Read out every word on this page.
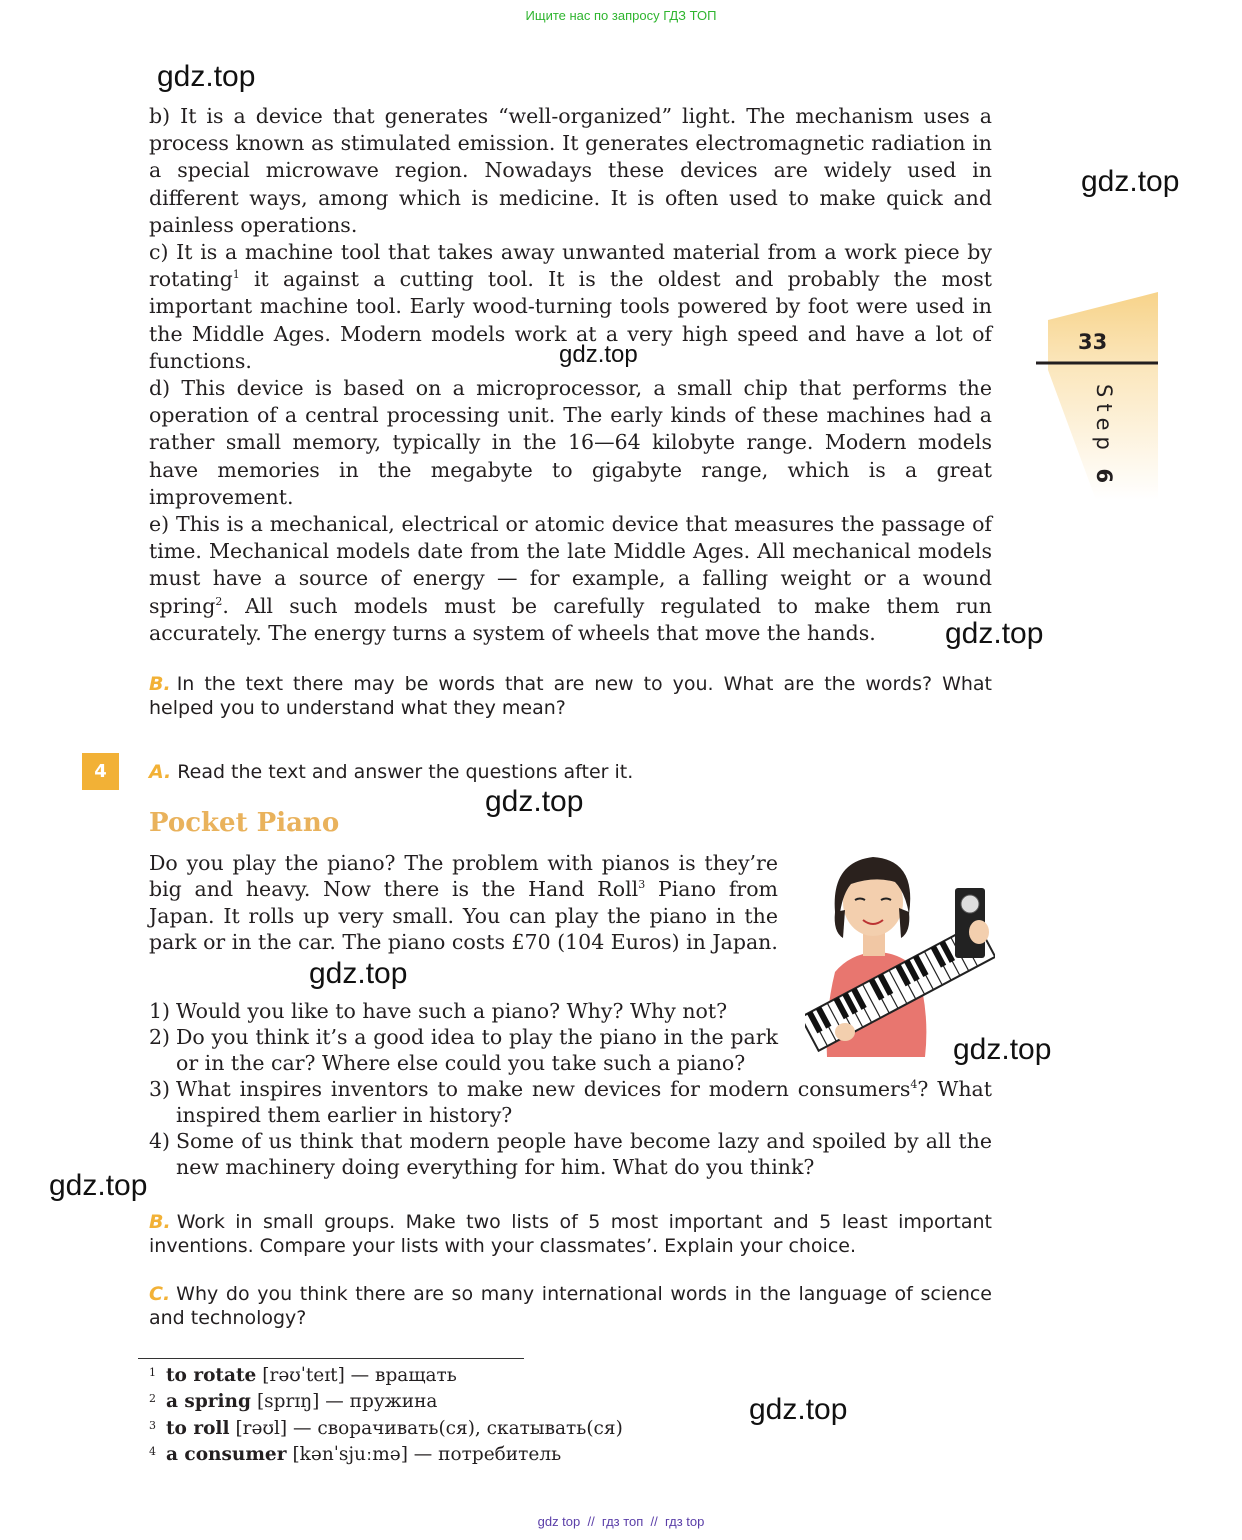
Ищите нас по запросу ГДЗ ТОП
gdz.top
gdz.top
gdz.top
gdz.top
gdz.top
gdz.top
gdz.top
gdz.top
gdz.top
33
Step 6

b) It is a device that generates “well-organized” light. The mechanism uses a process known as stimulated emission. It generates electromagnetic radiation in a special microwave region. Nowadays these devices are widely used in different ways, among which is medicine. It is often used to make quick and painless operations.

c) It is a machine tool that takes away unwanted material from a work piece by rotating$^1$ it against a cutting tool. It is the oldest and probably the most important machine tool. Early wood-turning tools powered by foot were used in the Middle Ages. Modern models work at a very high speed and have a lot of functions.

d) This device is based on a microprocessor, a small chip that performs the operation of a central processing unit. The early kinds of these machines had a rather small memory, typically in the 16—64 kilobyte range. Modern models have memories in the megabyte to gigabyte range, which is a great improvement.

e) This is a mechanical, electrical or atomic device that measures the passage of time. Mechanical models date from the late Middle Ages. All mechanical models must have a source of energy — for example, a falling weight or a wound spring$^2$. All such models must be carefully regulated to make them run accurately. The energy turns a system of wheels that move the hands.

B. In the text there may be words that are new to you. What are the words? What helped you to understand what they mean?
4	A. Read the text and answer the questions after it.
Pocket Piano
Do you play the piano? The problem with pianos is they’re big and heavy. Now there is the Hand Roll$^3$ Piano from Japan. It rolls up very small. You can play the piano in the park or in the car. The piano costs £70 (104 Euros) in Japan.
1) Would you like to have such a piano? Why? Why not?
2) Do you think it’s a good idea to play the piano in the park or in the car? Where else could you take such a piano?
3) What inspires inventors to make new devices for modern consumers$^4$? What inspired them earlier in history?
4) Some of us think that modern people have become lazy and spoiled by all the new machinery doing everything for him. What do you think?
B. Work in small groups. Make two lists of 5 most important and 5 least important inventions. Compare your lists with your classmates’. Explain your choice.
C. Why do you think there are so many international words in the language of science and technology?
1 to rotate [rəʊˈteɪt] — вращать
2 a spring [sprɪŋ] — пружина
3 to roll [rəʊl] — сворачивать(ся), скатывать(ся)
4 a consumer [kənˈsjuːmə] — потребитель
gdz top  //  гдз топ  //  гдз top
